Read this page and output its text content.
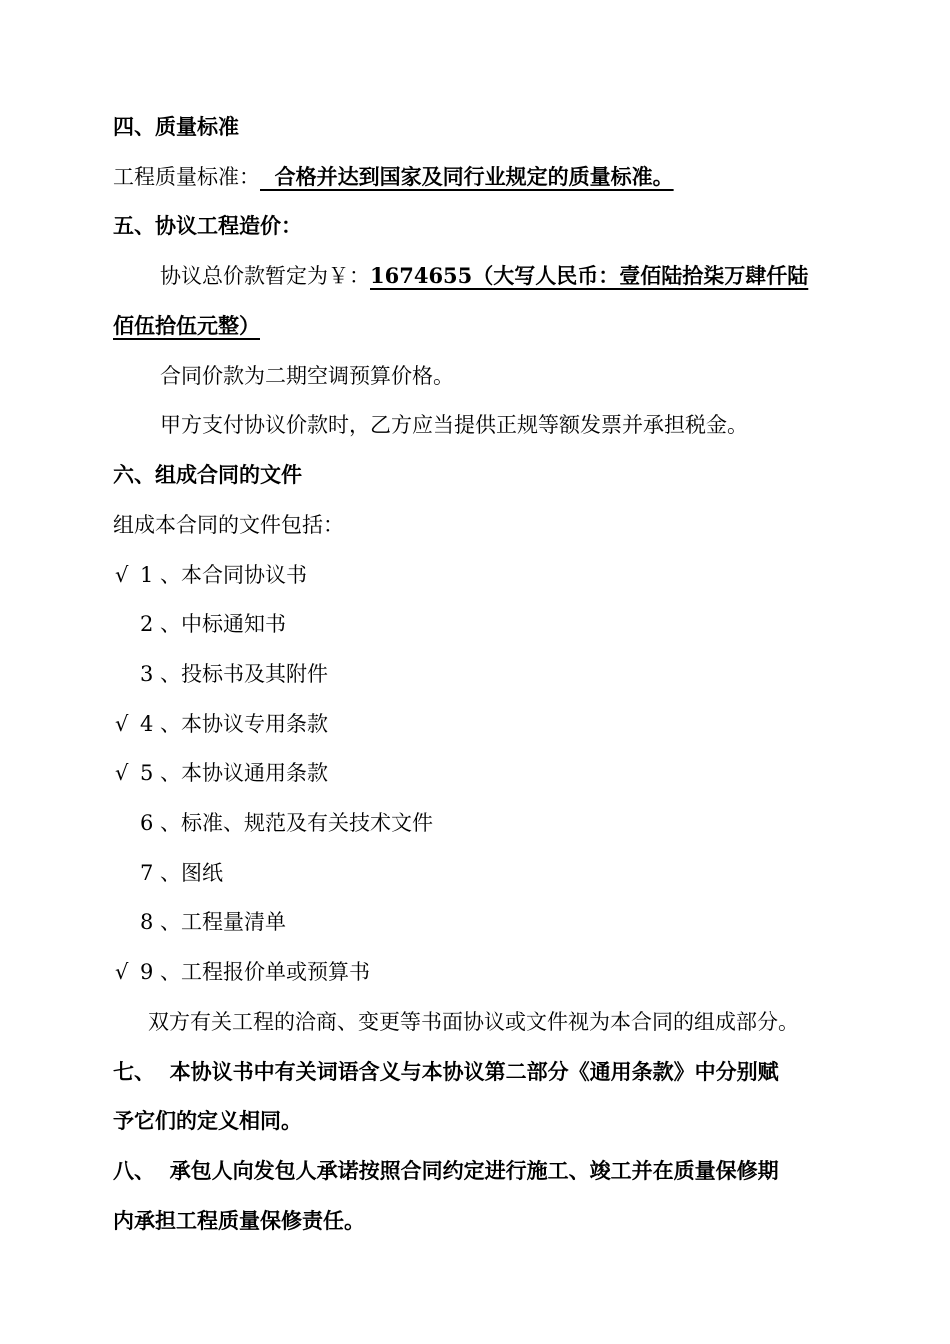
四、质量标准
工程质量标准：  合格并达到国家及同行业规定的质量标准。
五、协议工程造价：
协议总价款暂定为￥：1674655（大写人民币：壹佰陆拾柒万肆仟陆
佰伍拾伍元整）
合同价款为二期空调预算价格。
甲方支付协议价款时，乙方应当提供正规等额发票并承担税金。
六、组成合同的文件
组成本合同的文件包括：
√ 1 、本合同协议书
2 、中标通知书
3 、投标书及其附件
√ 4 、本协议专用条款
√ 5 、本协议通用条款
6 、标准、规范及有关技术文件
7 、图纸
8 、工程量清单
√ 9 、工程报价单或预算书
双方有关工程的洽商、变更等书面协议或文件视为本合同的组成部分。
七、  本协议书中有关词语含义与本协议第二部分《通用条款》中分别赋
予它们的定义相同。
八、  承包人向发包人承诺按照合同约定进行施工、竣工并在质量保修期
内承担工程质量保修责任。
